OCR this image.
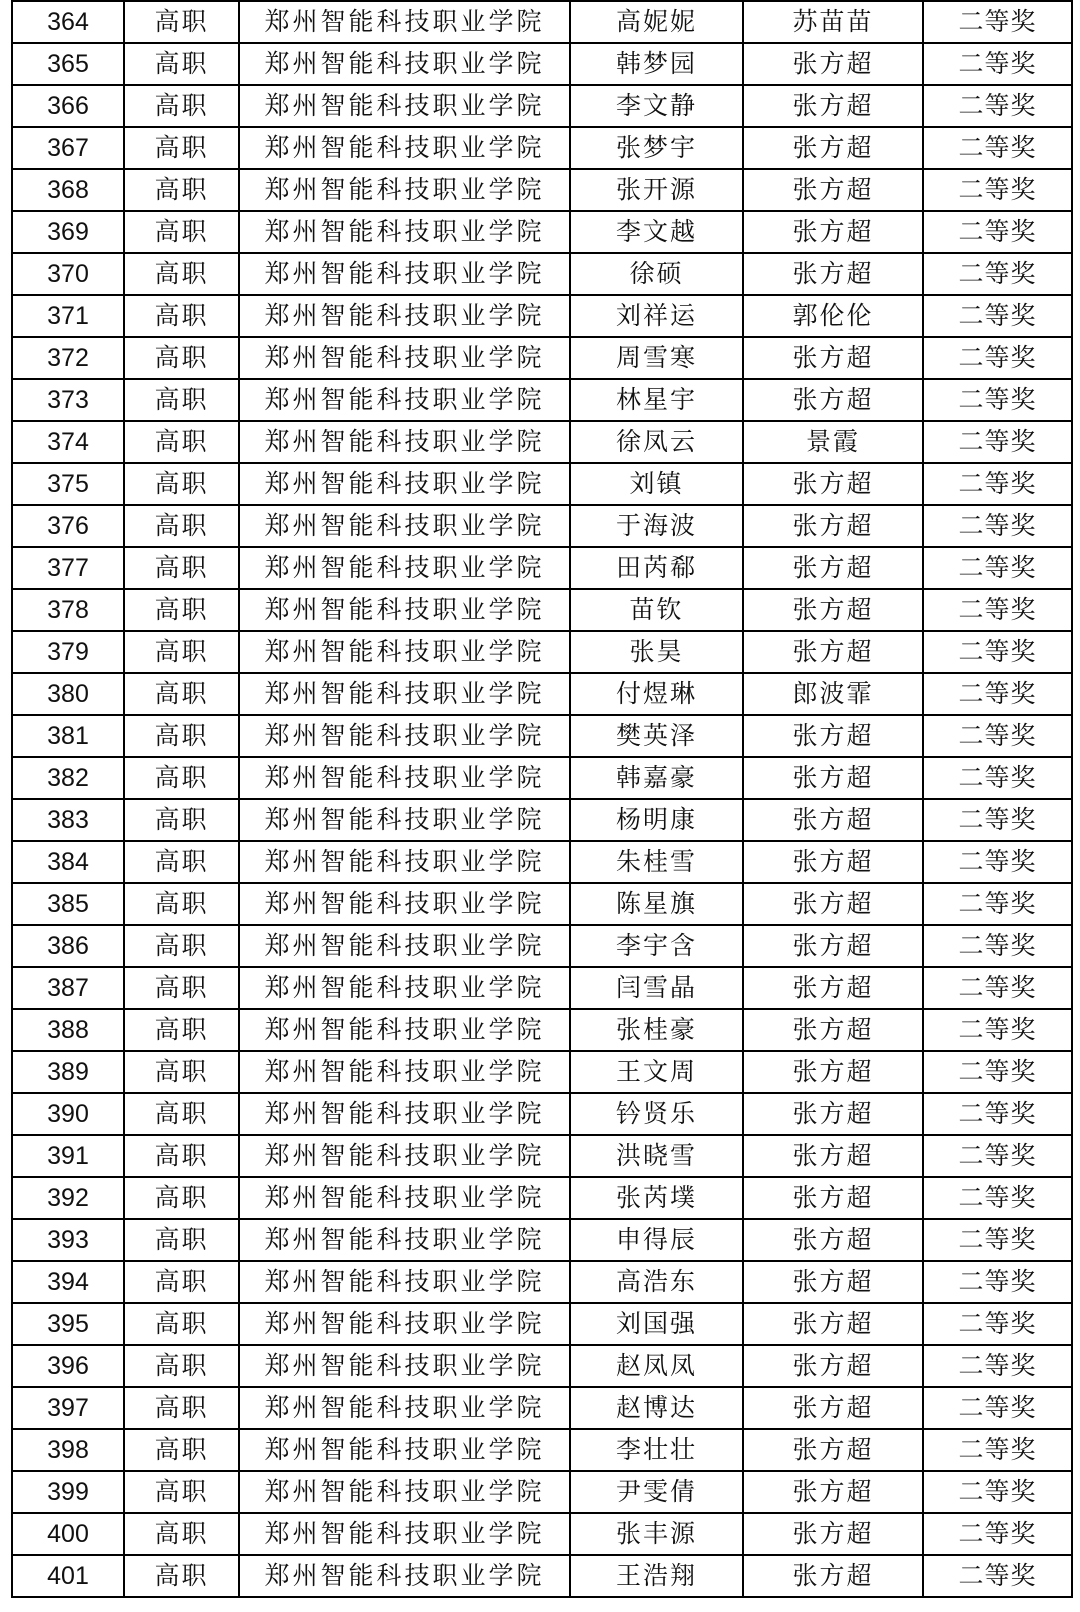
364	高职	郑州智能科技职业学院	高妮妮	苏苗苗	二等奖
365	高职	郑州智能科技职业学院	韩梦园	张方超	二等奖
366	高职	郑州智能科技职业学院	李文静	张方超	二等奖
367	高职	郑州智能科技职业学院	张梦宇	张方超	二等奖
368	高职	郑州智能科技职业学院	张开源	张方超	二等奖
369	高职	郑州智能科技职业学院	李文越	张方超	二等奖
370	高职	郑州智能科技职业学院	徐硕	张方超	二等奖
371	高职	郑州智能科技职业学院	刘祥运	郭伦伦	二等奖
372	高职	郑州智能科技职业学院	周雪寒	张方超	二等奖
373	高职	郑州智能科技职业学院	林星宇	张方超	二等奖
374	高职	郑州智能科技职业学院	徐凤云	景霞	二等奖
375	高职	郑州智能科技职业学院	刘镇	张方超	二等奖
376	高职	郑州智能科技职业学院	于海波	张方超	二等奖
377	高职	郑州智能科技职业学院	田芮郗	张方超	二等奖
378	高职	郑州智能科技职业学院	苗钦	张方超	二等奖
379	高职	郑州智能科技职业学院	张昊	张方超	二等奖
380	高职	郑州智能科技职业学院	付煜琳	郎波霏	二等奖
381	高职	郑州智能科技职业学院	樊英泽	张方超	二等奖
382	高职	郑州智能科技职业学院	韩嘉豪	张方超	二等奖
383	高职	郑州智能科技职业学院	杨明康	张方超	二等奖
384	高职	郑州智能科技职业学院	朱桂雪	张方超	二等奖
385	高职	郑州智能科技职业学院	陈星旗	张方超	二等奖
386	高职	郑州智能科技职业学院	李宇含	张方超	二等奖
387	高职	郑州智能科技职业学院	闫雪晶	张方超	二等奖
388	高职	郑州智能科技职业学院	张桂豪	张方超	二等奖
389	高职	郑州智能科技职业学院	王文周	张方超	二等奖
390	高职	郑州智能科技职业学院	钤贤乐	张方超	二等奖
391	高职	郑州智能科技职业学院	洪晓雪	张方超	二等奖
392	高职	郑州智能科技职业学院	张芮墣	张方超	二等奖
393	高职	郑州智能科技职业学院	申得辰	张方超	二等奖
394	高职	郑州智能科技职业学院	高浩东	张方超	二等奖
395	高职	郑州智能科技职业学院	刘国强	张方超	二等奖
396	高职	郑州智能科技职业学院	赵凤凤	张方超	二等奖
397	高职	郑州智能科技职业学院	赵博达	张方超	二等奖
398	高职	郑州智能科技职业学院	李壮壮	张方超	二等奖
399	高职	郑州智能科技职业学院	尹雯倩	张方超	二等奖
400	高职	郑州智能科技职业学院	张丰源	张方超	二等奖
401	高职	郑州智能科技职业学院	王浩翔	张方超	二等奖
